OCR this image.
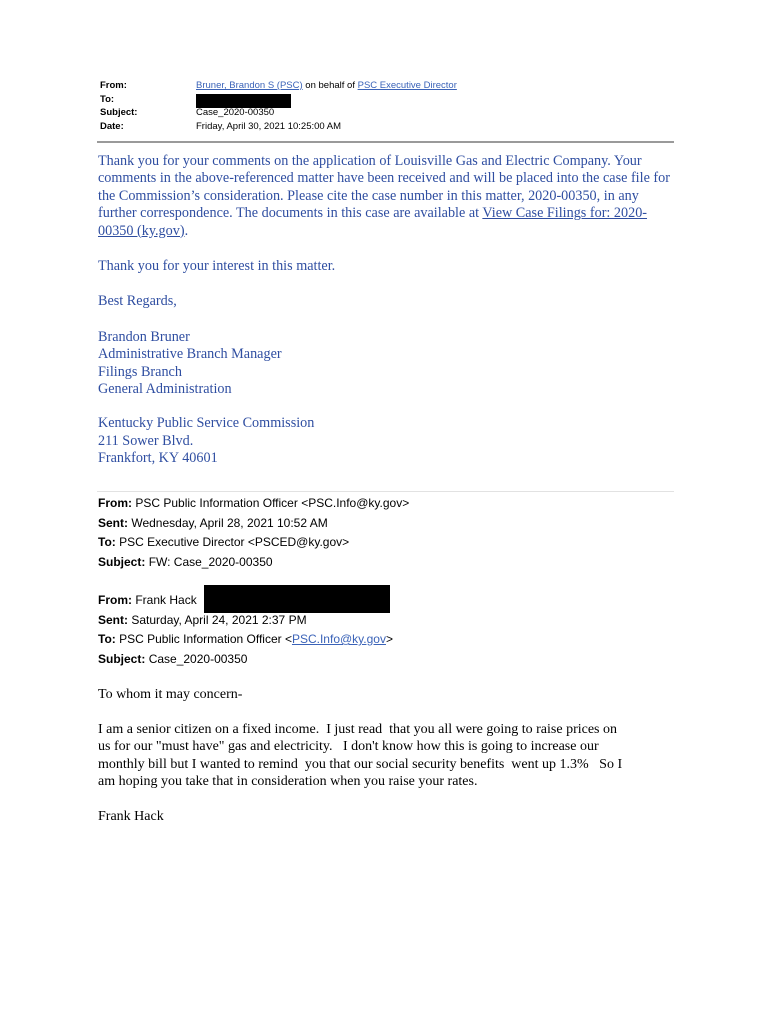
From:	Bruner, Brandon S (PSC) on behalf of PSC Executive Director
To:
Subject:	Case_2020-00350
Date:	Friday, April 30, 2021 10:25:00 AM

Thank you for your comments on the application of Louisville Gas and Electric Company. Your comments in the above-referenced matter have been received and will be placed into the case file for the Commission’s consideration. Please cite the case number in this matter, 2020-00350, in any further correspondence. The documents in this case are available at View Case Filings for: 2020-00350 (ky.gov).

Thank you for your interest in this matter.

Best Regards,

Brandon Bruner

Administrative Branch Manager

Filings Branch

General Administration

Kentucky Public Service Commission

211 Sower Blvd.

Frankfort, KY 40601

From: PSC Public Information Officer <PSC.Info@ky.gov>
Sent: Wednesday, April 28, 2021 10:52 AM
To: PSC Executive Director <PSCED@ky.gov>
Subject: FW: Case_2020-00350
From: Frank Hack
Sent: Saturday, April 24, 2021 2:37 PM
To: PSC Public Information Officer <PSC.Info@ky.gov>
Subject: Case_2020-00350

To whom it may concern-

I am a senior citizen on a fixed income.  I just read  that you all were going to raise prices on

us for our "must have" gas and electricity.   I don't know how this is going to increase our

monthly bill but I wanted to remind  you that our social security benefits  went up 1.3%   So I

am hoping you take that in consideration when you raise your rates.

Frank Hack
